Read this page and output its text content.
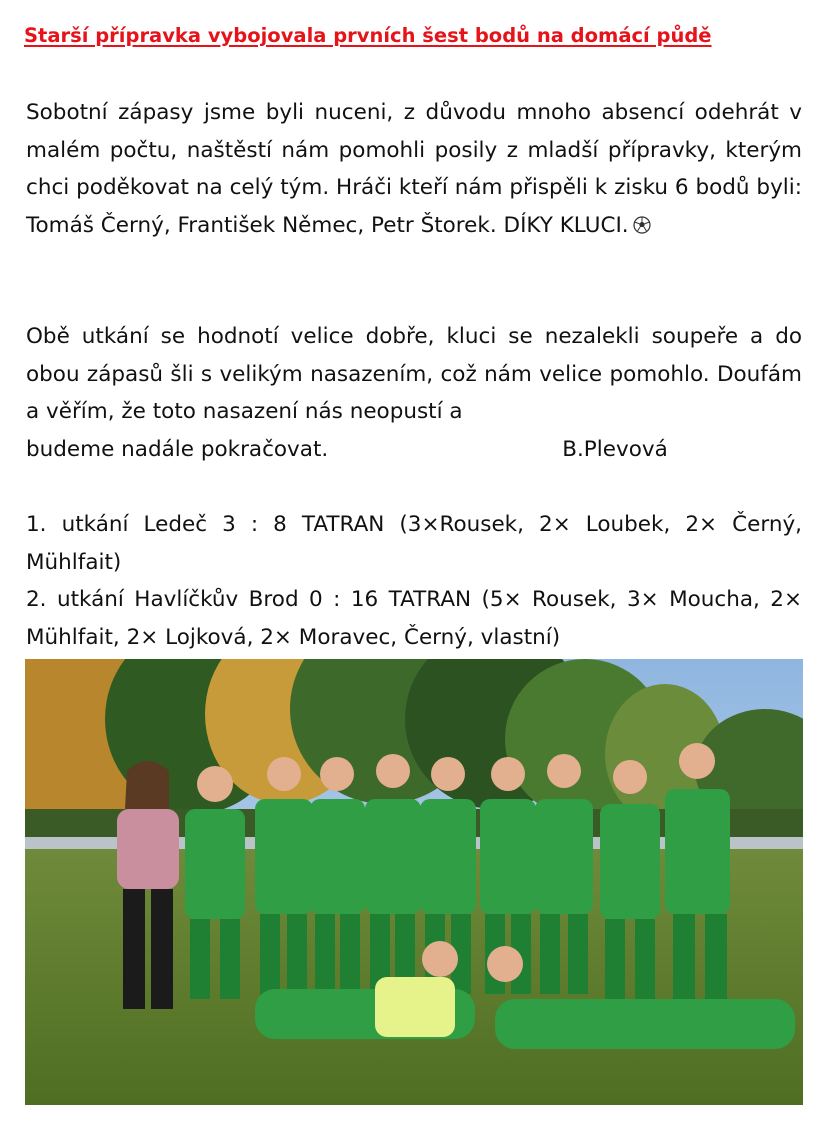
Starší přípravka vybojovala prvních šest bodů na domácí půdě

Sobotní zápasy jsme byli nuceni, z důvodu mnoho absencí odehrát v malém počtu, naštěstí nám pomohli posily z mladší přípravky, kterým chci poděkovat na celý tým. Hráči kteří nám přispěli k zisku 6 bodů byli: Tomáš Černý, František Němec, Petr Štorek. DÍKY KLUCI.

Obě utkání se hodnotí velice dobře, kluci se nezalekli soupeře a do obou zápasů šli s velikým nasazením, což nám velice pomohlo. Doufám a věřím, že toto nasazení nás neopustí a
budeme nadále pokračovat.	B.Plevová

1. utkání Ledeč 3 : 8 TATRAN (3×Rousek, 2× Loubek, 2× Černý, Mühlfait)

2. utkání Havlíčkův Brod 0 : 16 TATRAN (5× Rousek, 3× Moucha, 2× Mühlfait, 2× Lojková, 2× Moravec, Černý, vlastní)
